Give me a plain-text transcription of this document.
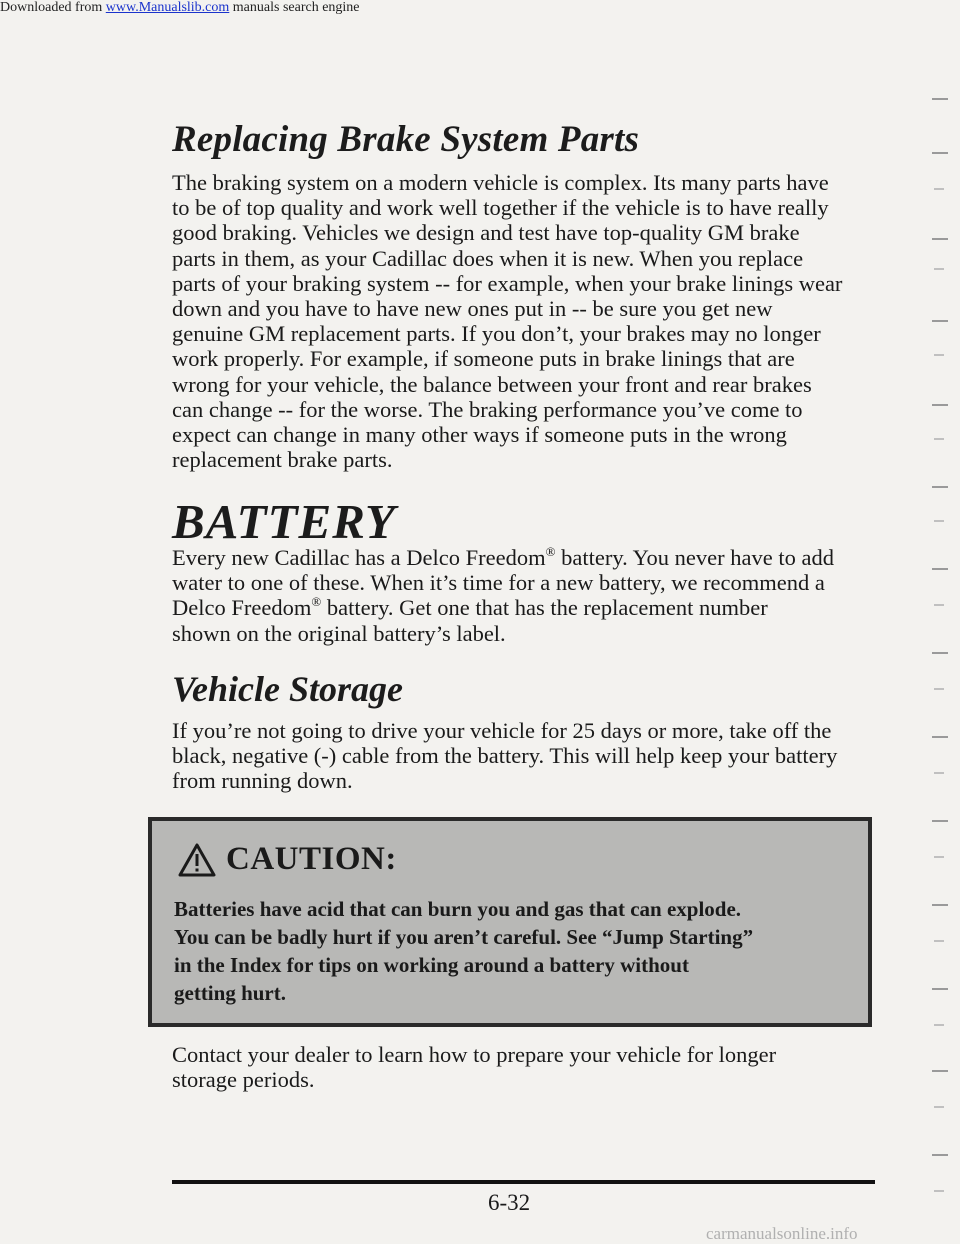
Downloaded from www.Manualslib.com manuals search engine
Replacing Brake System Parts

The braking system on a modern vehicle is complex. Its many parts have
to be of top quality and work well together if the vehicle is to have really
good braking. Vehicles we design and test have top-quality GM brake
parts in them, as your Cadillac does when it is new. When you replace
parts of your braking system -- for example, when your brake linings wear
down and you have to have new ones put in -- be sure you get new
genuine GM replacement parts. If you don’t, your brakes may no longer
work properly. For example, if someone puts in brake linings that are
wrong for your vehicle, the balance between your front and rear brakes
can change -- for the worse. The braking performance you’ve come to
expect can change in many other ways if someone puts in the wrong
replacement brake parts.

BATTERY

Every new Cadillac has a Delco Freedom® battery. You never have to add
water to one of these. When it’s time for a new battery, we recommend a
Delco Freedom® battery. Get one that has the replacement number
shown on the original battery’s label.

Vehicle Storage

If you’re not going to drive your vehicle for 25 days or more, take off the
black, negative (-) cable from the battery. This will help keep your battery
from running down.

CAUTION:
Batteries have acid that can burn you and gas that can explode.
You can be badly hurt if you aren’t careful. See “Jump Starting”
in the Index for tips on working around a battery without
getting hurt.

Contact your dealer to learn how to prepare your vehicle for longer
storage periods.

6-32
carmanualsonline.info
